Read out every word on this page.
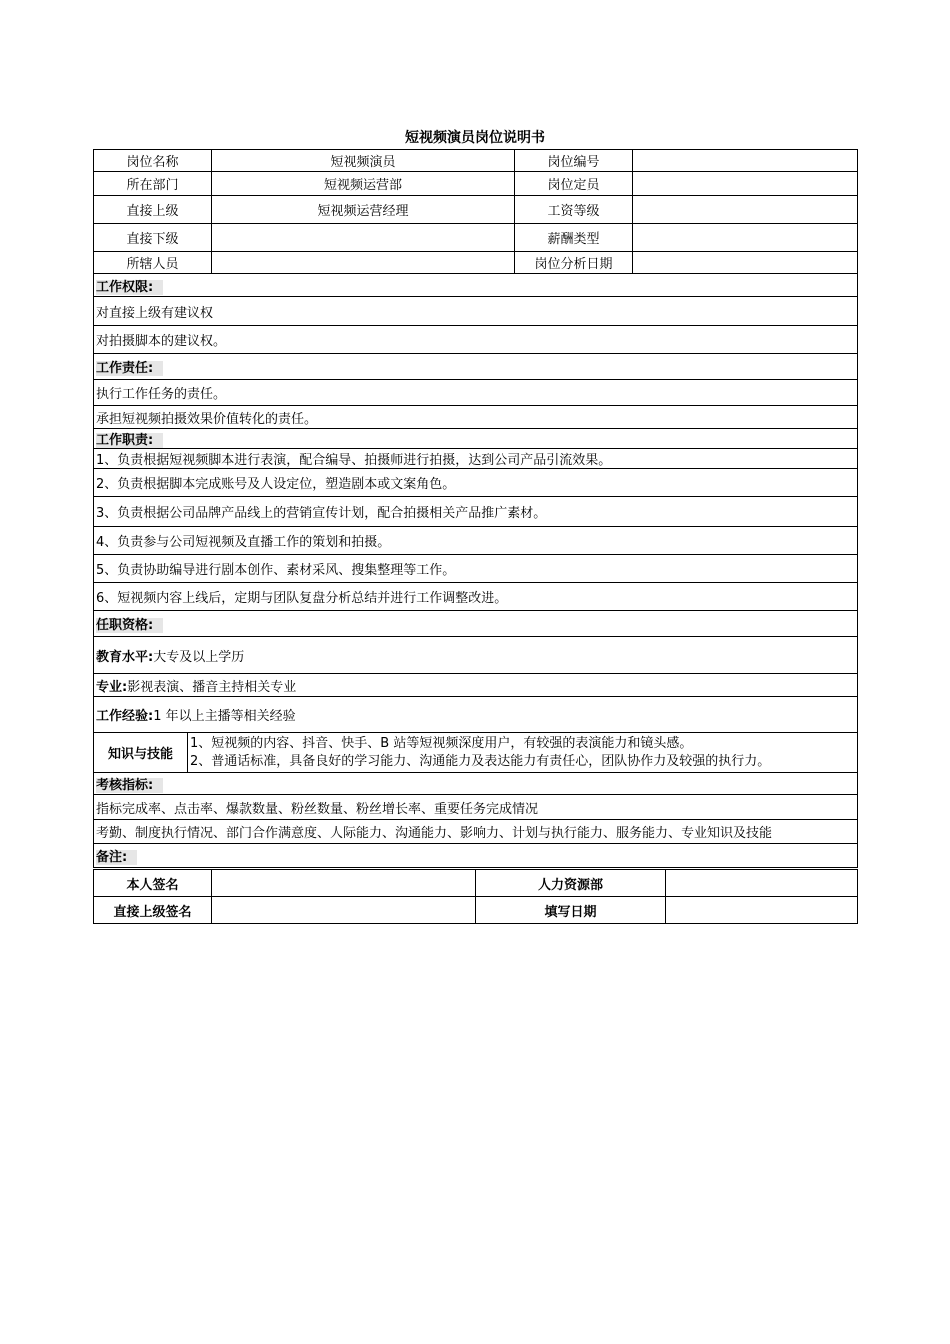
短视频演员岗位说明书
岗位名称	短视频演员	岗位编号	
所在部门	短视频运营部	岗位定员	
直接上级	短视频运营经理	工资等级	
直接下级		薪酬类型	
所辖人员		岗位分析日期	
工作权限:
对直接上级有建议权
对拍摄脚本的建议权。
工作责任:
执行工作任务的责任。
承担短视频拍摄效果价值转化的责任。
工作职责:
1、负责根据短视频脚本进行表演，配合编导、拍摄师进行拍摄，达到公司产品引流效果。
2、负责根据脚本完成账号及人设定位，塑造剧本或文案角色。
3、负责根据公司品牌产品线上的营销宣传计划，配合拍摄相关产品推广素材。
4、负责参与公司短视频及直播工作的策划和拍摄。
5、负责协助编导进行剧本创作、素材采风、搜集整理等工作。
6、短视频内容上线后，定期与团队复盘分析总结并进行工作调整改进。
任职资格:
教育水平:大专及以上学历
专业:影视表演、播音主持相关专业
工作经验:1 年以上主播等相关经验
知识与技能	
1、短视频的内容、抖音、快手、B 站等短视频深度用户，有较强的表演能力和镜头感。
2、普通话标准，具备良好的学习能力、沟通能力及表达能力有责任心，团队协作力及较强的执行力。

考核指标:
指标完成率、点击率、爆款数量、粉丝数量、粉丝增长率、重要任务完成情况
考勤、制度执行情况、部门合作满意度、人际能力、沟通能力、影响力、计划与执行能力、服务能力、专业知识及技能
备注:
本人签名		人力资源部	
直接上级签名		填写日期	
